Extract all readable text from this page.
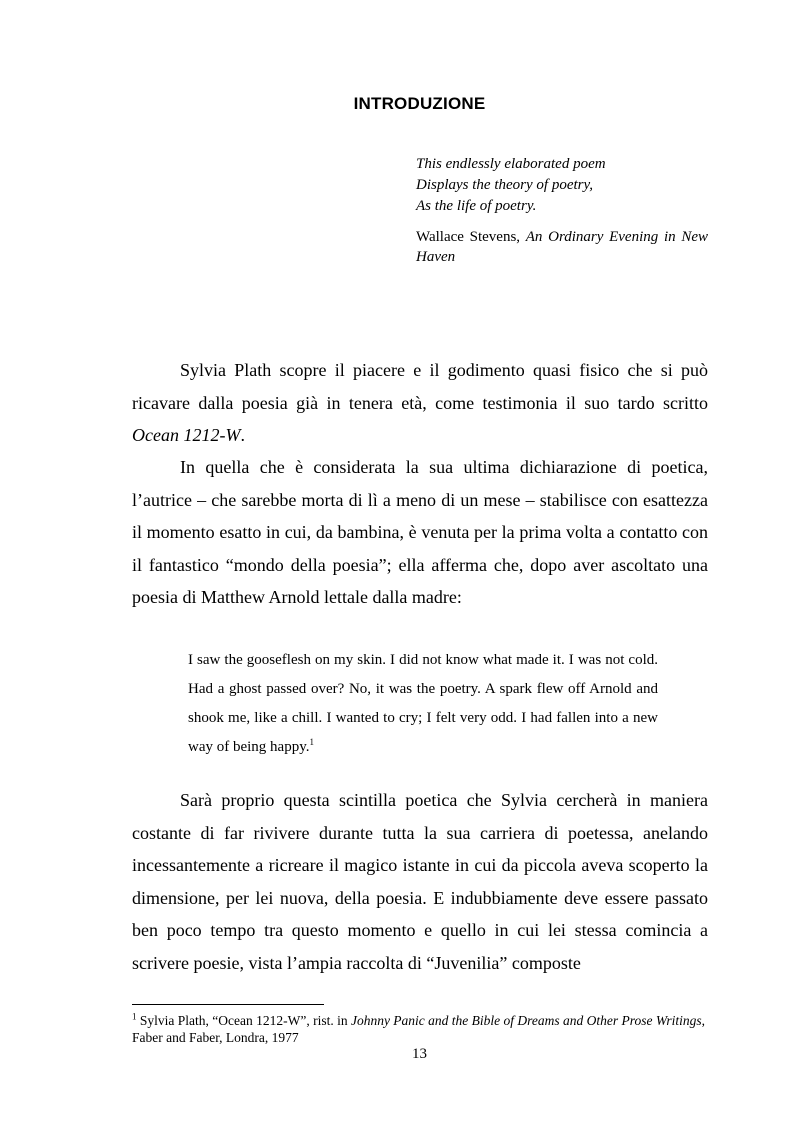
INTRODUZIONE
This endlessly elaborated poem
Displays the theory of poetry,
As the life of poetry.
Wallace Stevens, An Ordinary Evening in New Haven

Sylvia Plath scopre il piacere e il godimento quasi fisico che si può ricavare dalla poesia già in tenera età, come testimonia il suo tardo scritto Ocean 1212-W.

In quella che è considerata la sua ultima dichiarazione di poetica, l’autrice – che sarebbe morta di lì a meno di un mese – stabilisce con esattezza il momento esatto in cui, da bambina, è venuta per la prima volta a contatto con il fantastico “mondo della poesia”; ella afferma che, dopo aver ascoltato una poesia di Matthew Arnold lettale dalla madre:

I saw the gooseflesh on my skin. I did not know what made it. I was not cold. Had a ghost passed over? No, it was the poetry. A spark flew off Arnold and shook me, like a chill. I wanted to cry; I felt very odd. I had fallen into a new way of being happy.$^1$

Sarà proprio questa scintilla poetica che Sylvia cercherà in maniera costante di far rivivere durante tutta la sua carriera di poetessa, anelando incessantemente a ricreare il magico istante in cui da piccola aveva scoperto la dimensione, per lei nuova, della poesia. E indubbiamente deve essere passato ben poco tempo tra questo momento e quello in cui lei stessa comincia a scrivere poesie, vista l’ampia raccolta di “Juvenilia” composte

$^1$ Sylvia Plath, “Ocean 1212-W”, rist. in Johnny Panic and the Bible of Dreams and Other Prose Writings, Faber and Faber, Londra, 1977

13
